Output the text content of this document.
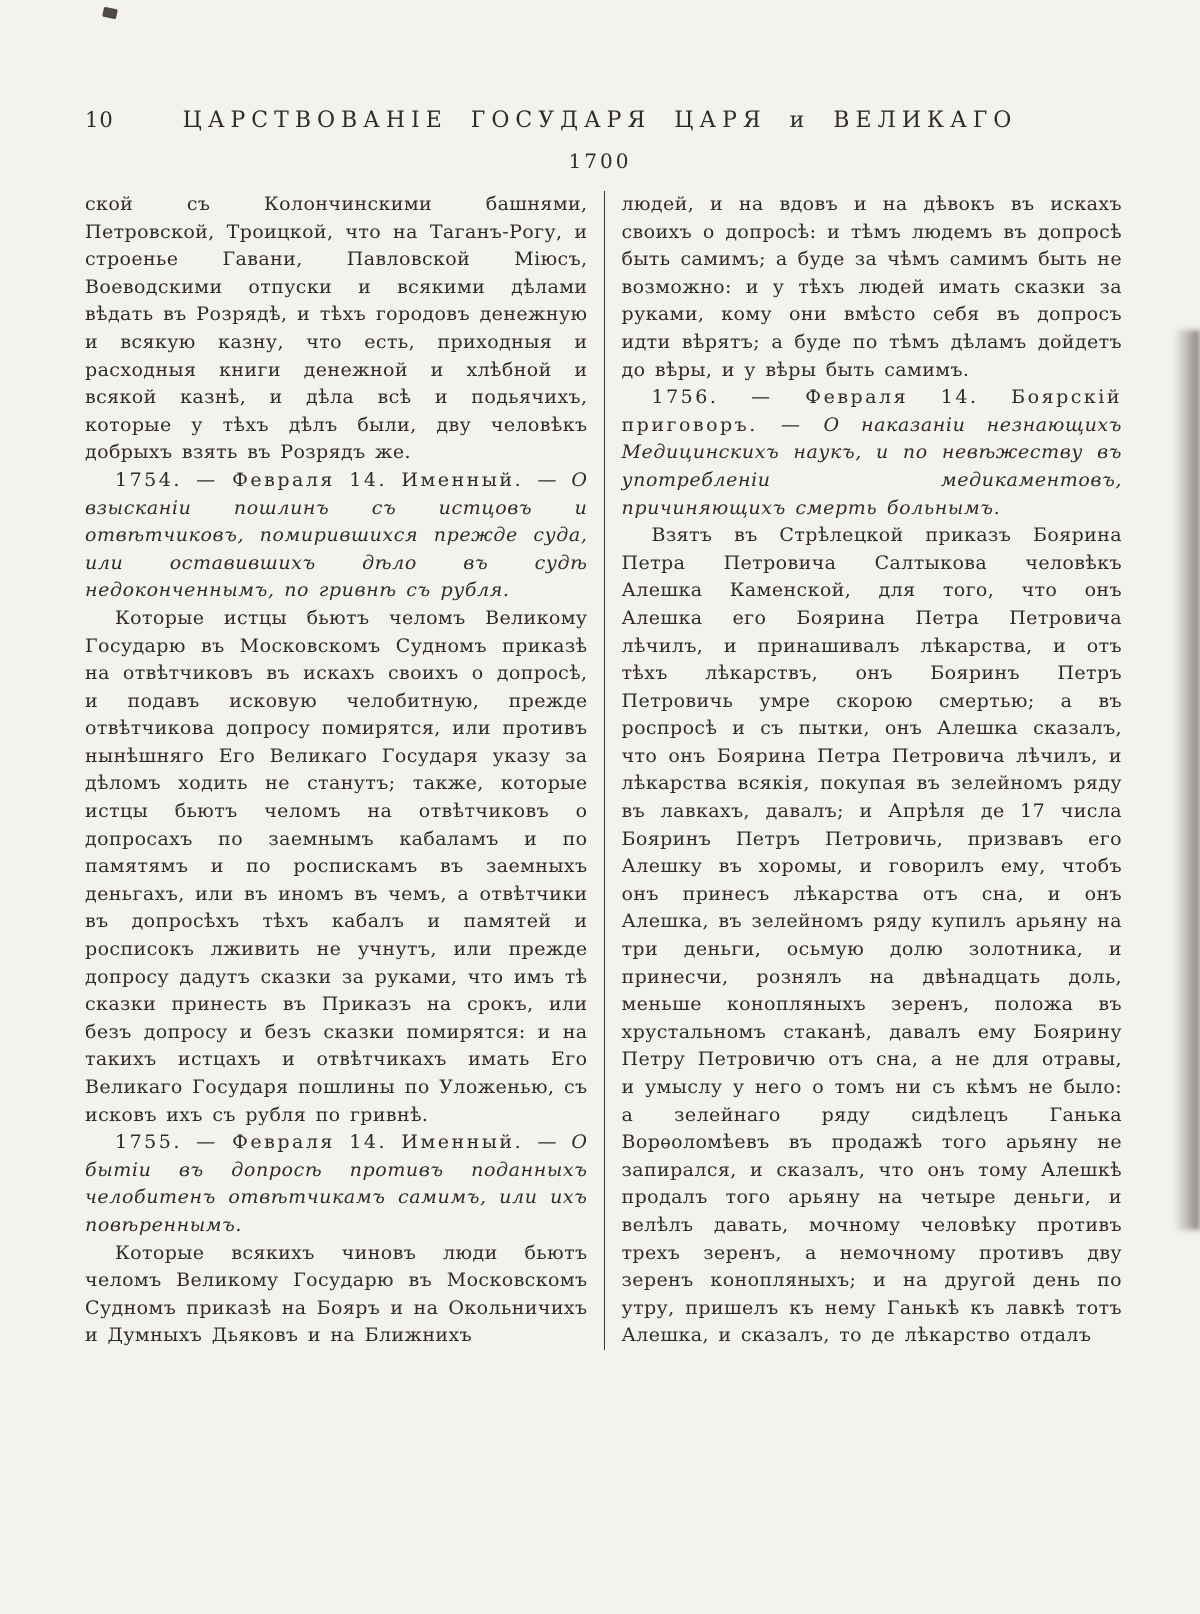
10	ЦАРСТВОВАНІЕ ГОСУДАРЯ ЦАРЯ и ВЕЛИКАГО
1700

ской съ Колончинскими башнями, Петровской, Троицкой, что на Таганъ-Рогу, и строенье Гавани, Павловской Міюсъ, Воеводскими отпуски и всякими дѣлами вѣдать въ Розрядѣ, и тѣхъ городовъ денежную и всякую казну, что есть, приходныя и расходныя книги денежной и хлѣбной и всякой казнѣ, и дѣла всѣ и подьячихъ, которые у тѣхъ дѣлъ были, дву человѣкъ добрыхъ взять въ Розрядъ же.

1754. — Февраля 14. Именный. — О взысканіи пошлинъ съ истцовъ и отвѣтчиковъ, помирившихся прежде суда, или оставившихъ дѣло въ судѣ недоконченнымъ, по гривнѣ съ рубля.

Которые истцы бьютъ челомъ Великому Государю въ Московскомъ Судномъ приказѣ на отвѣтчиковъ въ искахъ своихъ о допросѣ, и подавъ исковую челобитную, прежде отвѣтчикова допросу помирятся, или противъ нынѣшняго Его Великаго Государя указу за дѣломъ ходить не станутъ; также, которые истцы бьютъ челомъ на отвѣтчиковъ о допросахъ по заемнымъ кабаламъ и по памятямъ и по роспискамъ въ заемныхъ деньгахъ, или въ иномъ въ чемъ, а отвѣтчики въ допросѣхъ тѣхъ кабалъ и памятей и росписокъ лживить не учнутъ, или прежде допросу дадутъ сказки за руками, что имъ тѣ сказки принесть въ Приказъ на срокъ, или безъ допросу и безъ сказки помирятся: и на такихъ истцахъ и отвѣтчикахъ имать Его Великаго Государя пошлины по Уложенью, съ исковъ ихъ съ рубля по гривнѣ.

1755. — Февраля 14. Именный. — О бытіи въ допросѣ противъ поданныхъ челобитенъ отвѣтчикамъ самимъ, или ихъ повѣреннымъ.

Которые всякихъ чиновъ люди бьютъ челомъ Великому Государю въ Московскомъ Судномъ приказѣ на Бояръ и на Окольничихъ и Думныхъ Дьяковъ и на Ближнихъ

людей, и на вдовъ и на дѣвокъ въ искахъ своихъ о допросѣ: и тѣмъ людемъ въ допросѣ быть самимъ; а буде за чѣмъ самимъ быть не возможно: и у тѣхъ людей имать сказки за руками, кому они вмѣсто себя въ допросъ идти вѣрятъ; а буде по тѣмъ дѣламъ дойдетъ до вѣры, и у вѣры быть самимъ.

1756. — Февраля 14. Боярскій приговоръ. — О наказаніи незнающихъ Медицинскихъ наукъ, и по невѣжеству въ употребленіи медикаментовъ, причиняющихъ смерть больнымъ.

Взятъ въ Стрѣлецкой приказъ Боярина Петра Петровича Салтыкова человѣкъ Алешка Каменской, для того, что онъ Алешка его Боярина Петра Петровича лѣчилъ, и принашивалъ лѣкарства, и отъ тѣхъ лѣкарствъ, онъ Бояринъ Петръ Петровичь умре скорою смертью; а въ роспросѣ и съ пытки, онъ Алешка сказалъ, что онъ Боярина Петра Петровича лѣчилъ, и лѣкарства всякія, покупая въ зелейномъ ряду въ лавкахъ, давалъ; и Апрѣля де 17 числа Бояринъ Петръ Петровичь, призвавъ его Алешку въ хоромы, и говорилъ ему, чтобъ онъ принесъ лѣкарства отъ сна, и онъ Алешка, въ зелейномъ ряду купилъ арьяну на три деньги, осьмую долю золотника, и принесчи, рознялъ на двѣнадцать доль, меньше конопляныхъ зеренъ, положа въ хрустальномъ стаканѣ, давалъ ему Боярину Петру Петровичю отъ сна, а не для отравы, и умыслу у него о томъ ни съ кѣмъ не было: а зелейнаго ряду сидѣлецъ Ганька Ворѳоломѣевъ въ продажѣ того арьяну не запирался, и сказалъ, что онъ тому Алешкѣ продалъ того арьяну на четыре деньги, и велѣлъ давать, мочному человѣку противъ трехъ зеренъ, а немочному противъ дву зеренъ конопляныхъ; и на другой день по утру, пришелъ къ нему Ганькѣ къ лавкѣ тотъ Алешка, и сказалъ, то де лѣкарство отдалъ
